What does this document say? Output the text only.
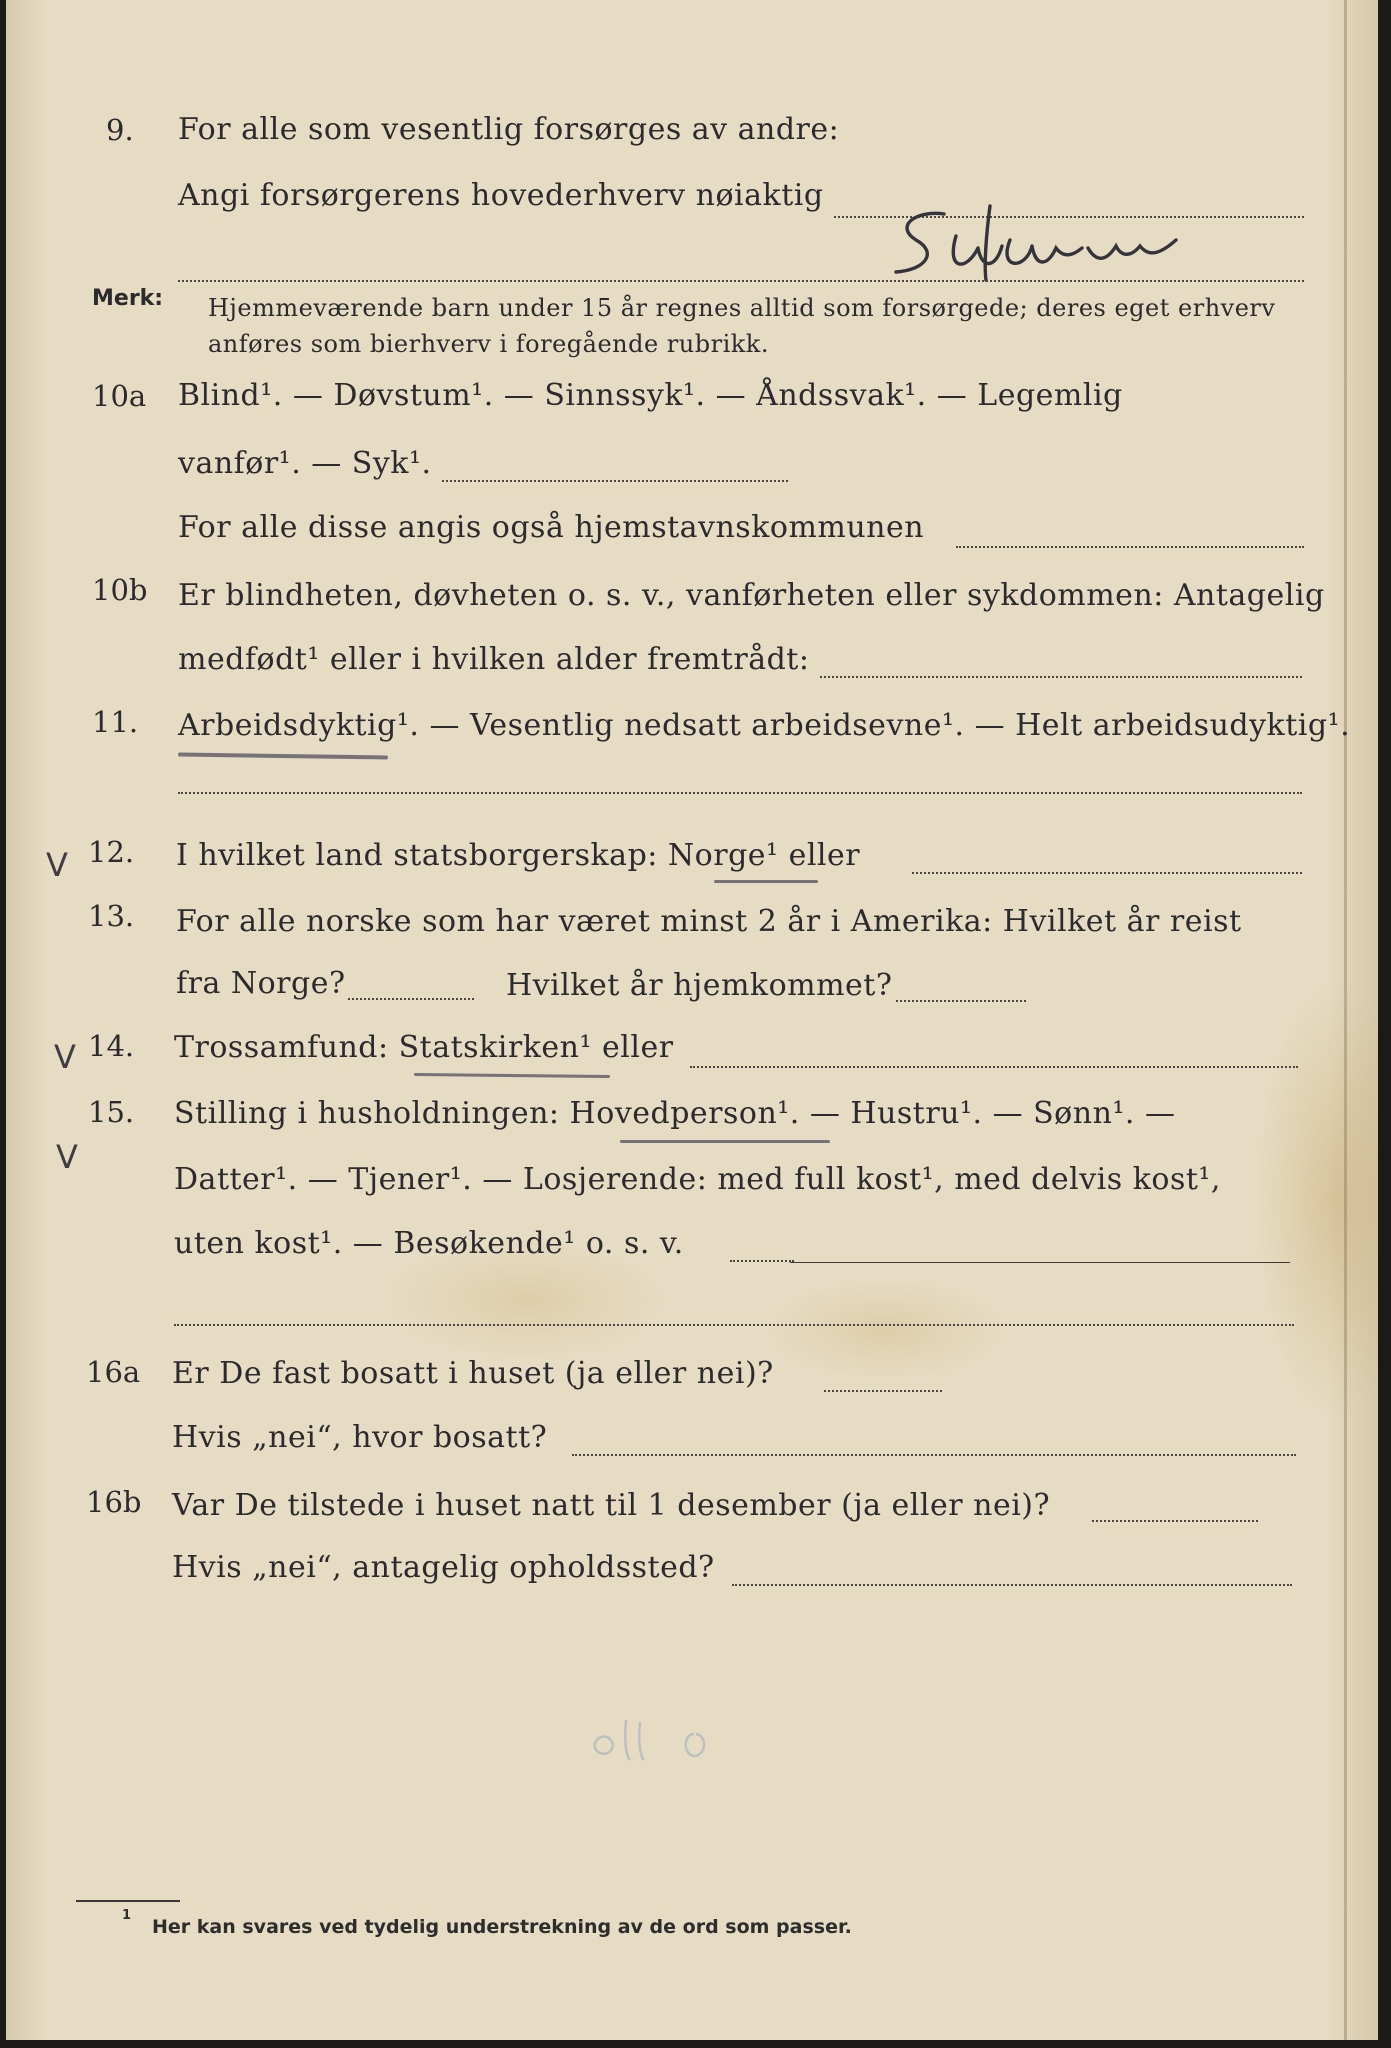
9. For alle som vesentlig forsørges av andre:
Angi forsørgerens hovederhverv nøiaktig
Merk: Hjemmeværende barn under 15 år regnes alltid som forsørgede; deres eget erhverv
anføres som bierhverv i foregående rubrikk.
10a Blind¹. — Døvstum¹. — Sinnssyk¹. — Åndssvak¹. — Legemlig
vanfør¹. — Syk¹.
For alle disse angis også hjemstavnskommunen
10b Er blindheten, døvheten o. s. v., vanførheten eller sykdommen: Antagelig
medfødt¹ eller i hvilken alder fremtrådt:
11. Arbeidsdyktig¹. — Vesentlig nedsatt arbeidsevne¹. — Helt arbeidsudyktig¹.
V 12. I hvilket land statsborgerskap: Norge¹ eller
13. For alle norske som har været minst 2 år i Amerika: Hvilket år reist
fra Norge?	Hvilket år hjemkommet?
V 14. Trossamfund: Statskirken¹ eller
V
15. Stilling i husholdningen: Hovedperson¹. — Hustru¹. — Sønn¹. —
Datter¹. — Tjener¹. — Losjerende: med full kost¹, med delvis kost¹,
uten kost¹. — Besøkende¹ o. s. v.
16a Er De fast bosatt i huset (ja eller nei)?
Hvis „nei“, hvor bosatt?
16b Var De tilstede i huset natt til 1 desember (ja eller nei)?
Hvis „nei“, antagelig opholdssted?
1
Her kan svares ved tydelig understrekning av de ord som passer.
